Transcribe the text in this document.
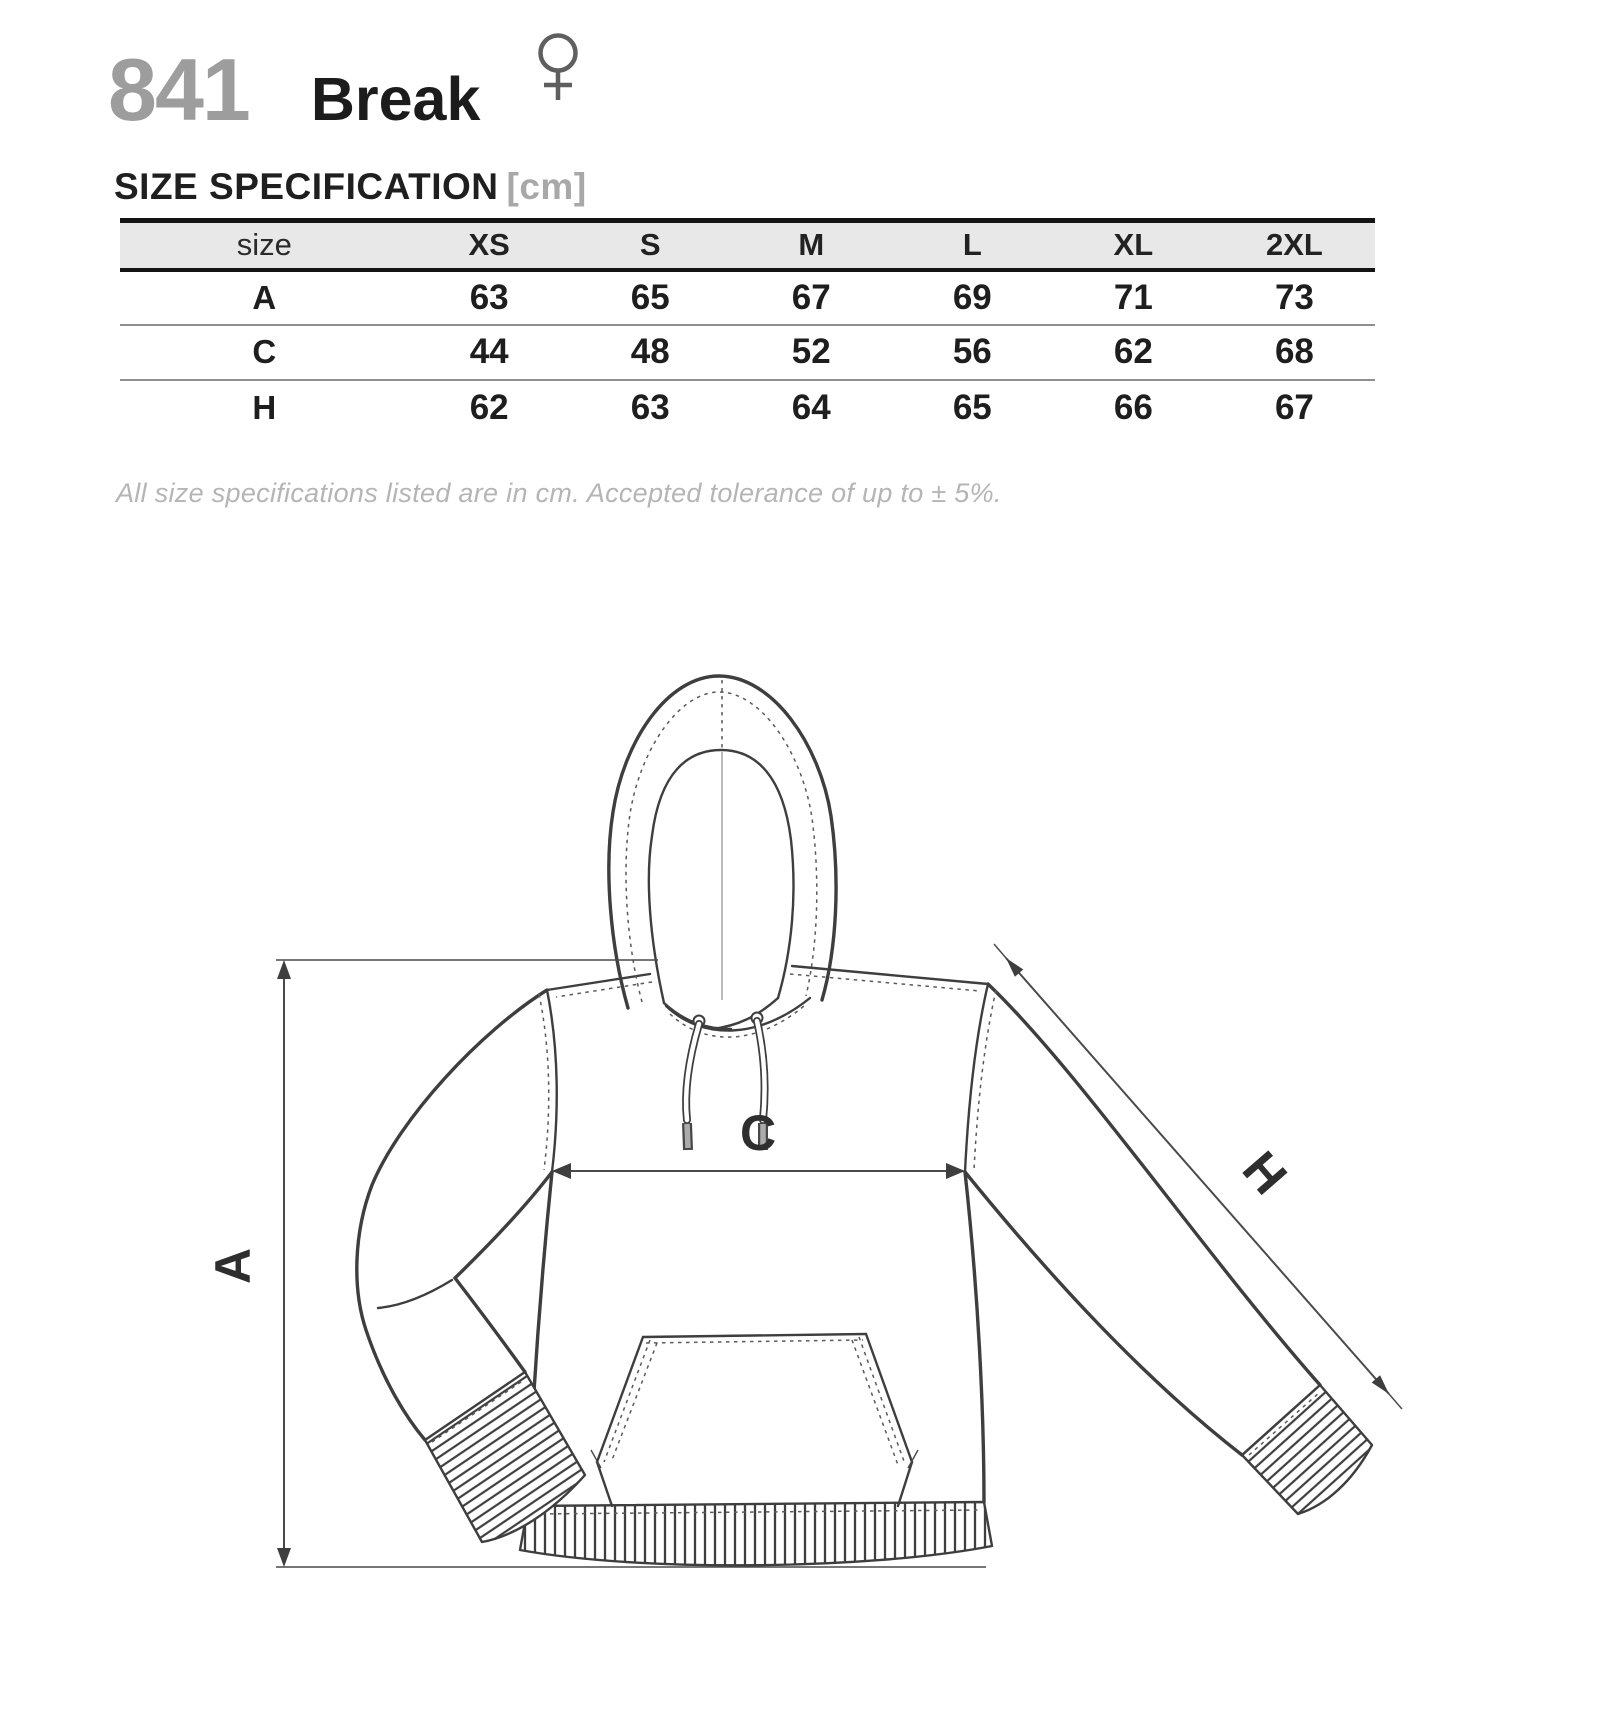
841 Break
SIZE SPECIFICATION [cm]
size	XS	S	M	L	XL	2XL
A	63	65	67	69	71	73
C	44	48	52	56	62	68
H	62	63	64	65	66	67
All size specifications listed are in cm. Accepted tolerance of up to ± 5%.
A
C
H
